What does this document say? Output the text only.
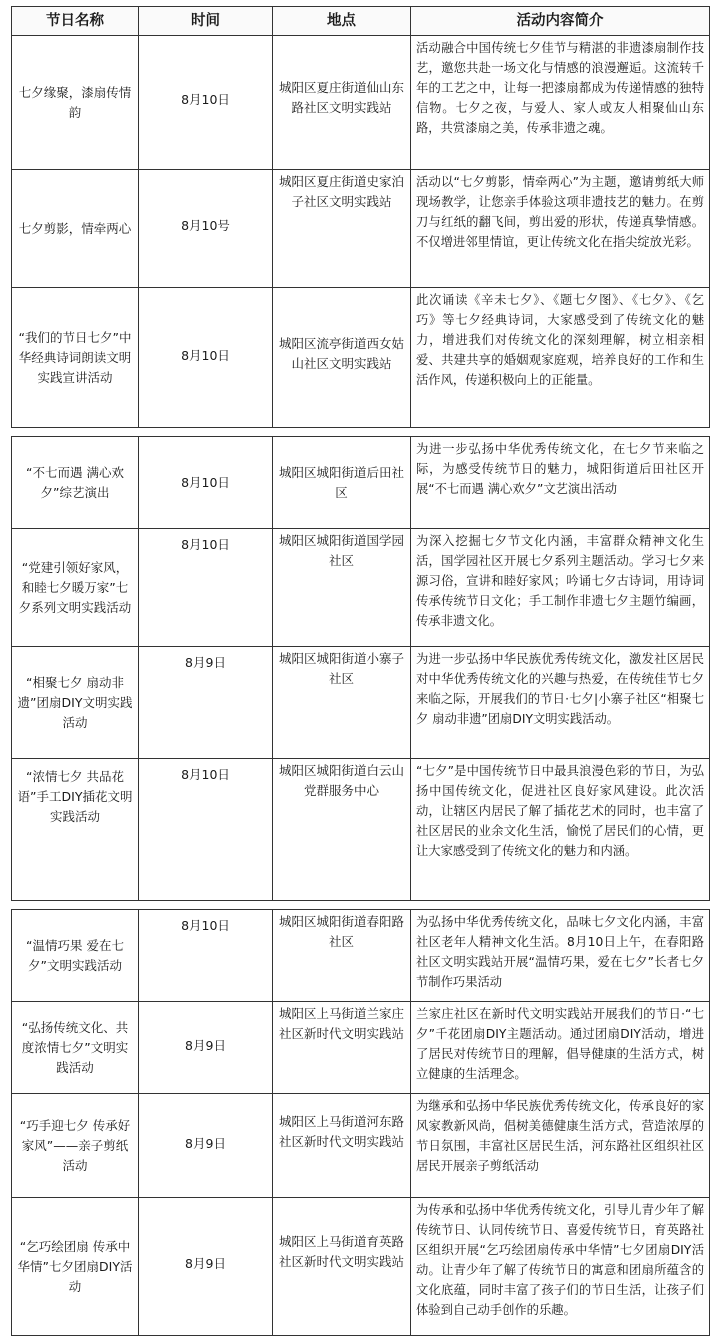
节日名称	时间	地点	活动内容简介
七夕缘聚，漆扇传情韵	8月10日	城阳区夏庄街道仙山东路社区文明实践站	活动融合中国传统七夕佳节与精湛的非遗漆扇制作技艺，邀您共赴一场文化与情感的浪漫邂逅。这流转千年的工艺之中，让每一把漆扇都成为传递情感的独特信物。七夕之夜，与爱人、家人或友人相聚仙山东路，共赏漆扇之美，传承非遗之魂。
七夕剪影，情牵两心	8月10号	城阳区夏庄街道史家泊子社区文明实践站	活动以“七夕剪影，情牵两心”为主题，邀请剪纸大师现场教学，让您亲手体验这项非遗技艺的魅力。在剪刀与红纸的翻飞间，剪出爱的形状，传递真挚情感。不仅增进邻里情谊，更让传统文化在指尖绽放光彩。
“我们的节日七夕”中华经典诗词朗读文明实践宣讲活动	8月10日	城阳区流亭街道西女姑山社区文明实践站	此次诵读《辛未七夕》、《题七夕图》、《七夕》、《乞巧》等七夕经典诗词，大家感受到了传统文化的魅力，增进我们对传统文化的深刻理解，树立相亲相爱、共建共享的婚姻观家庭观，培养良好的工作和生活作风，传递积极向上的正能量。

“不七而遇 满心欢夕”综艺演出	8月10日	城阳区城阳街道后田社区	为进一步弘扬中华优秀传统文化，在七夕节来临之际，为感受传统节日的魅力，城阳街道后田社区开展“不七而遇 满心欢夕”文艺演出活动
“党建引领好家风，和睦七夕暖万家”七夕系列文明实践活动	8月10日	城阳区城阳街道国学园社区	为深入挖掘七夕节文化内涵，丰富群众精神文化生活，国学园社区开展七夕系列主题活动。学习七夕来源习俗，宣讲和睦好家风；吟诵七夕古诗词，用诗词传承传统节日文化；手工制作非遗七夕主题竹编画，传承非遗文化。
“相聚七夕 扇动非遗”团扇DIY文明实践活动	8月9日	城阳区城阳街道小寨子社区	为进一步弘扬中华民族优秀传统文化，激发社区居民对中华优秀传统文化的兴趣与热爱，在传统佳节七夕来临之际，开展我们的节日·七夕|小寨子社区“相聚七夕 扇动非遗”团扇DIY文明实践活动。
“浓情七夕 共品花语”手工DIY插花文明实践活动	8月10日	城阳区城阳街道白云山党群服务中心	“七夕”是中国传统节日中最具浪漫色彩的节日，为弘扬中国传统文化，促进社区良好家风建设。此次活动，让辖区内居民了解了插花艺术的同时，也丰富了社区居民的业余文化生活，愉悦了居民们的心情，更让大家感受到了传统文化的魅力和内涵。

“温情巧果 爱在七夕”文明实践活动	8月10日	城阳区城阳街道春阳路社区	为弘扬中华优秀传统文化，品味七夕文化内涵，丰富社区老年人精神文化生活。8月10日上午，在春阳路社区文明实践站开展“温情巧果，爱在七夕”长者七夕节制作巧果活动
“弘扬传统文化、共度浓情七夕”文明实践活动	8月9日	城阳区上马街道兰家庄社区新时代文明实践站	兰家庄社区在新时代文明实践站开展我们的节日·“七夕”千花团扇DIY主题活动。通过团扇DIY活动，增进了居民对传统节日的理解，倡导健康的生活方式，树立健康的生活理念。
“巧手迎七夕 传承好家风”——亲子剪纸活动	8月9日	城阳区上马街道河东路社区新时代文明实践站	为继承和弘扬中华民族优秀传统文化，传承良好的家风家教新风尚，倡树美德健康生活方式，营造浓厚的节日氛围，丰富社区居民生活，河东路社区组织社区居民开展亲子剪纸活动
“乞巧绘团扇 传承中华情”七夕团扇DIY活动	8月9日	城阳区上马街道育英路社区新时代文明实践站	为传承和弘扬中华优秀传统文化，引导儿青少年了解传统节日、认同传统节日、喜爱传统节日，育英路社区组织开展“乞巧绘团扇传承中华情”七夕团扇DIY活动。让青少年了解了传统节日的寓意和团扇所蕴含的文化底蕴，同时丰富了孩子们的节日生活，让孩子们体验到自己动手创作的乐趣。
